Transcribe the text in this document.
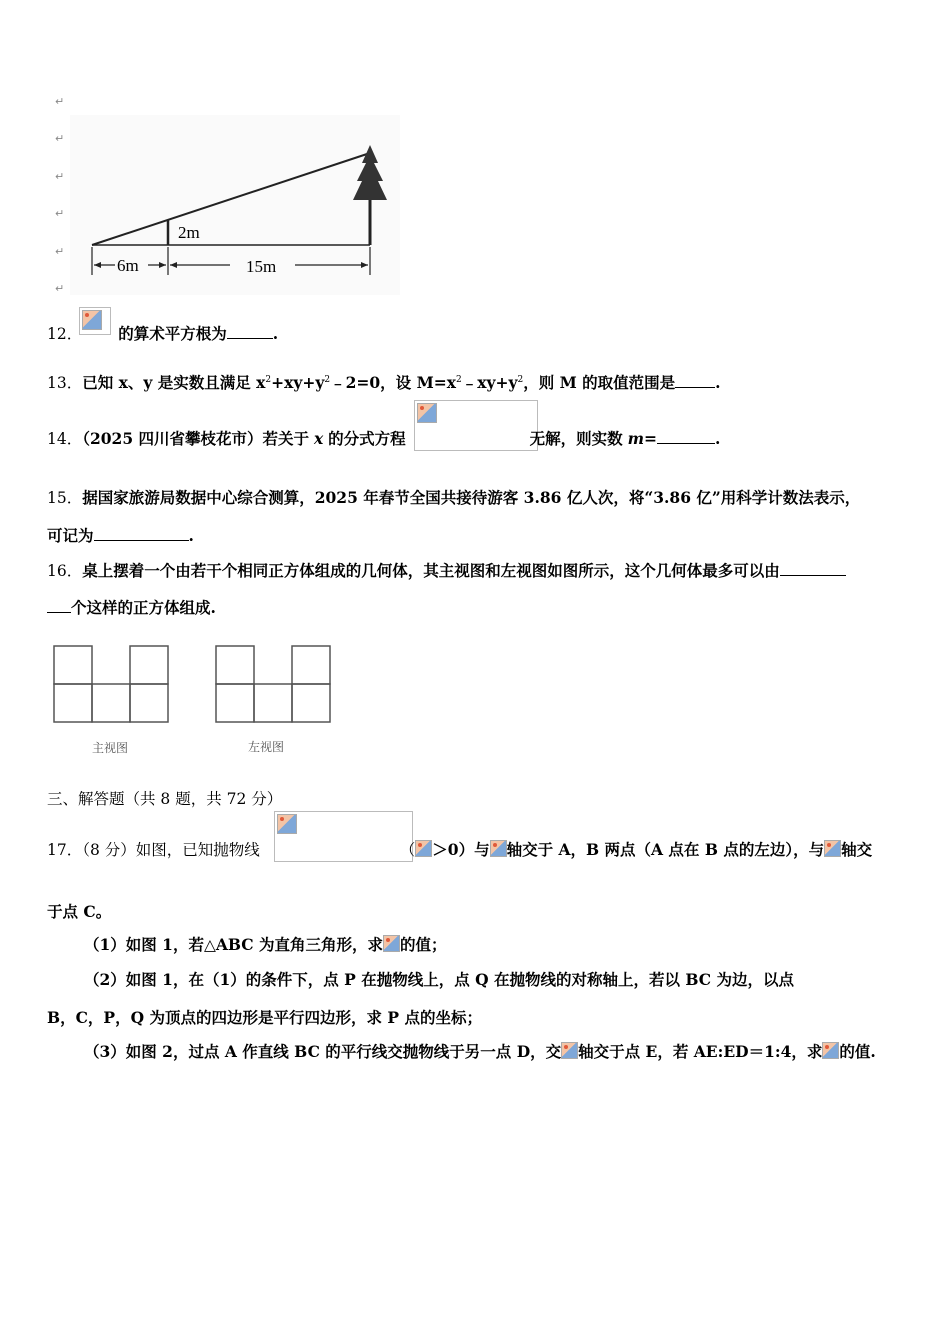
↵
↵
↵
↵
↵
↵
2m
6m	15m
12． 的算术平方根为	.
13．已知 x、y 是实数且满足 $x^2+xy+y^2﹣2=0$，设 $M=x^2﹣xy+y^2$，则 M 的取值范围是	.
14．（2025 四川省攀枝花市）若关于 x 的分式方程	无解，则实数 m=	.
15．据国家旅游局数据中心综合测算，2025 年春节全国共接待游客 3.86 亿人次，将“3.86 亿”用科学计数法表示，
可记为	.
16．桌上摆着一个由若干个相同正方体组成的几何体，其主视图和左视图如图所示，这个几何体最多可以由
个这样的正方体组成.
主视图	左视图
三、解答题（共 8 题，共 72 分）
17．（8 分）如图，已知抛物线	（ ＞0）与 轴交于 A，B 两点（A 点在 B 点的左边），与 轴交
于点 C。
（1）如图 1，若△ABC 为直角三角形，求 的值；
（2）如图 1，在（1）的条件下，点 P 在抛物线上，点 Q 在抛物线的对称轴上，若以 BC 为边，以点
B，C，P，Q 为顶点的四边形是平行四边形，求 P 点的坐标；
（3）如图 2，过点 A 作直线 BC 的平行线交抛物线于另一点 D，交 轴交于点 E，若 AE:ED＝1:4，求 的值.
